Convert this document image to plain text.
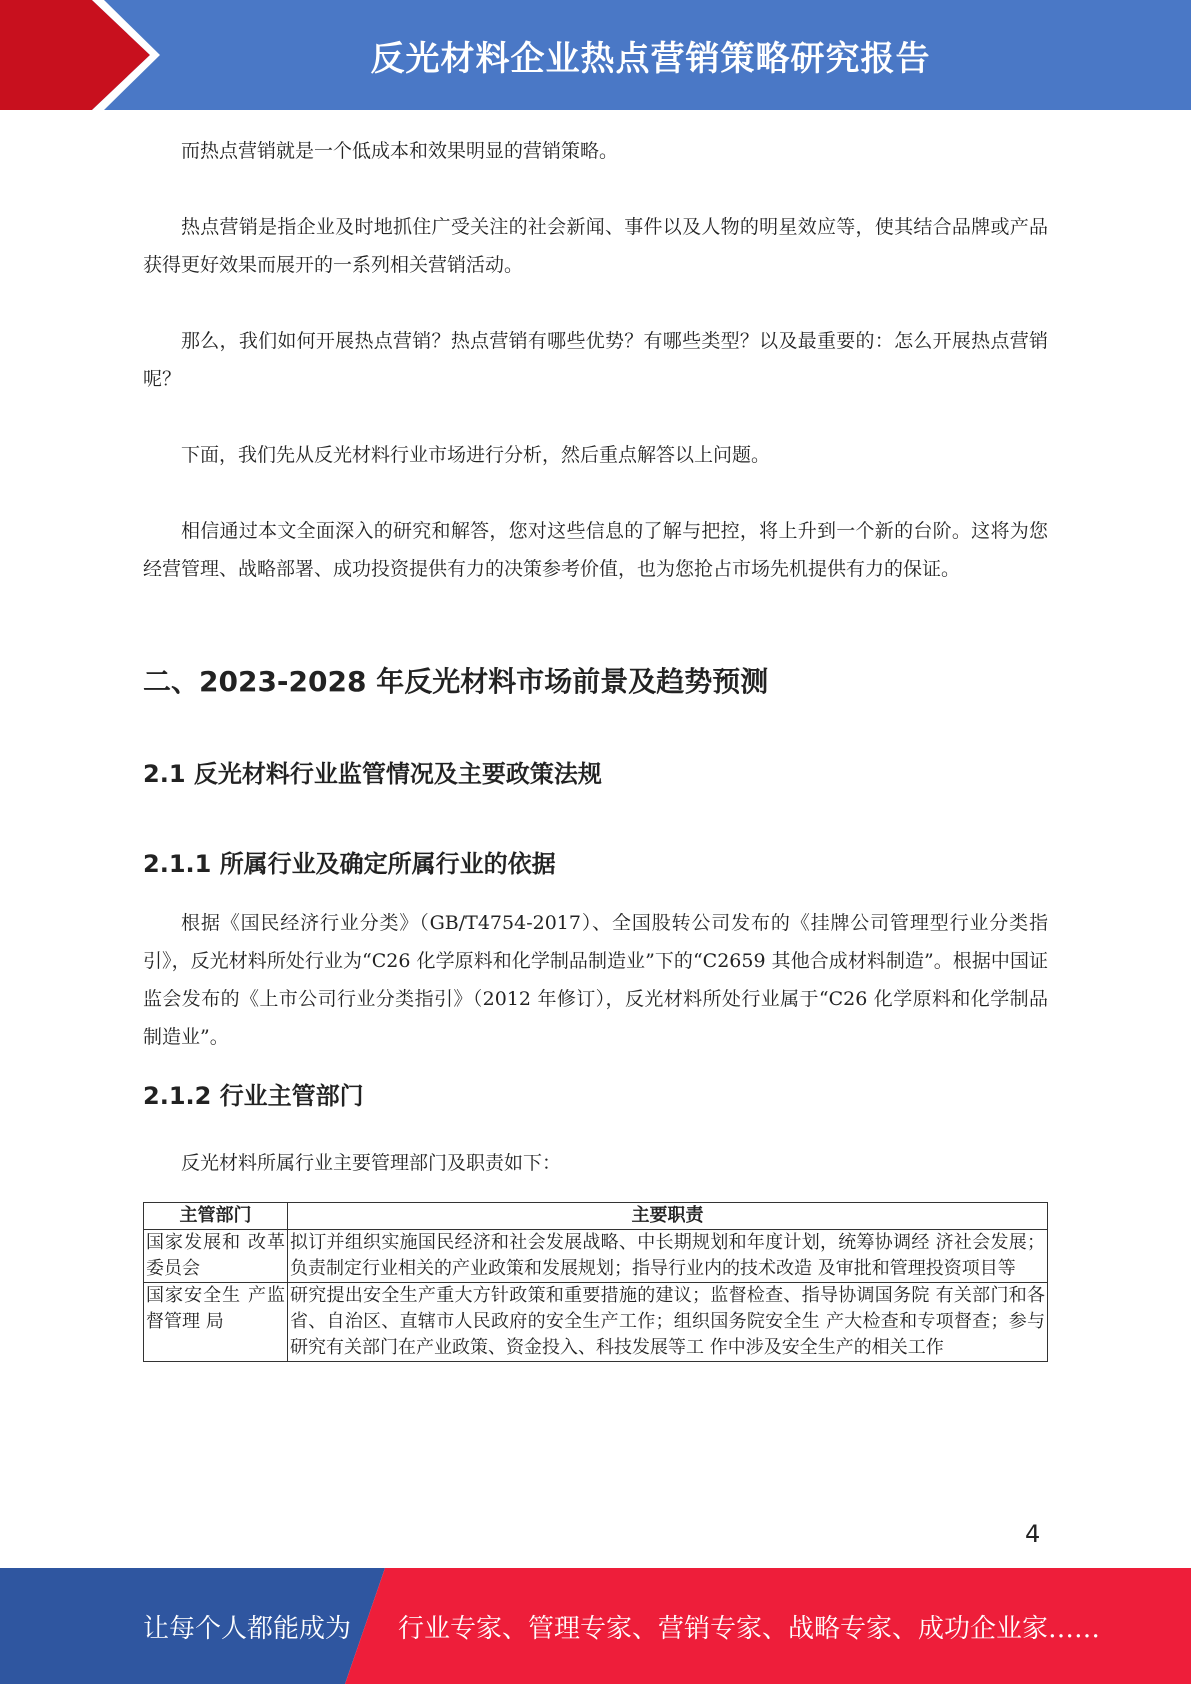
反光材料企业热点营销策略研究报告

而热点营销就是一个低成本和效果明显的营销策略。

热点营销是指企业及时地抓住广受关注的社会新闻、事件以及人物的明星效应等，使其结合品牌或产品获得更好效果而展开的一系列相关营销活动。

那么，我们如何开展热点营销？热点营销有哪些优势？有哪些类型？以及最重要的：怎么开展热点营销呢？

下面，我们先从反光材料行业市场进行分析，然后重点解答以上问题。

相信通过本文全面深入的研究和解答，您对这些信息的了解与把控，将上升到一个新的台阶。这将为您经营管理、战略部署、成功投资提供有力的决策参考价值，也为您抢占市场先机提供有力的保证。

二、2023-2028 年反光材料市场前景及趋势预测
2.1 反光材料行业监管情况及主要政策法规
2.1.1 所属行业及确定所属行业的依据

根据《国民经济行业分类》（GB/T4754-2017）、全国股转公司发布的《挂牌公司管理型行业分类指引》，反光材料所处行业为“C26 化学原料和化学制品制造业”下的“C2659 其他合成材料制造”。根据中国证监会发布的《上市公司行业分类指引》（2012 年修订），反光材料所处行业属于“C26 化学原料和化学制品制造业”。

2.1.2 行业主管部门

反光材料所属行业主要管理部门及职责如下：

主管部门	主要职责
国家发展和 改革委员会	拟订并组织实施国民经济和社会发展战略、中长期规划和年度计划，统筹协调经 济社会发展；负责制定行业相关的产业政策和发展规划；指导行业内的技术改造 及审批和管理投资项目等
国家安全生 产监督管理 局	研究提出安全生产重大方针政策和重要措施的建议；监督检查、指导协调国务院 有关部门和各省、自治区、直辖市人民政府的安全生产工作；组织国务院安全生 产大检查和专项督查；参与研究有关部门在产业政策、资金投入、科技发展等工 作中涉及安全生产的相关工作
4
让每个人都能成为 行业专家、管理专家、营销专家、战略专家、成功企业家……
